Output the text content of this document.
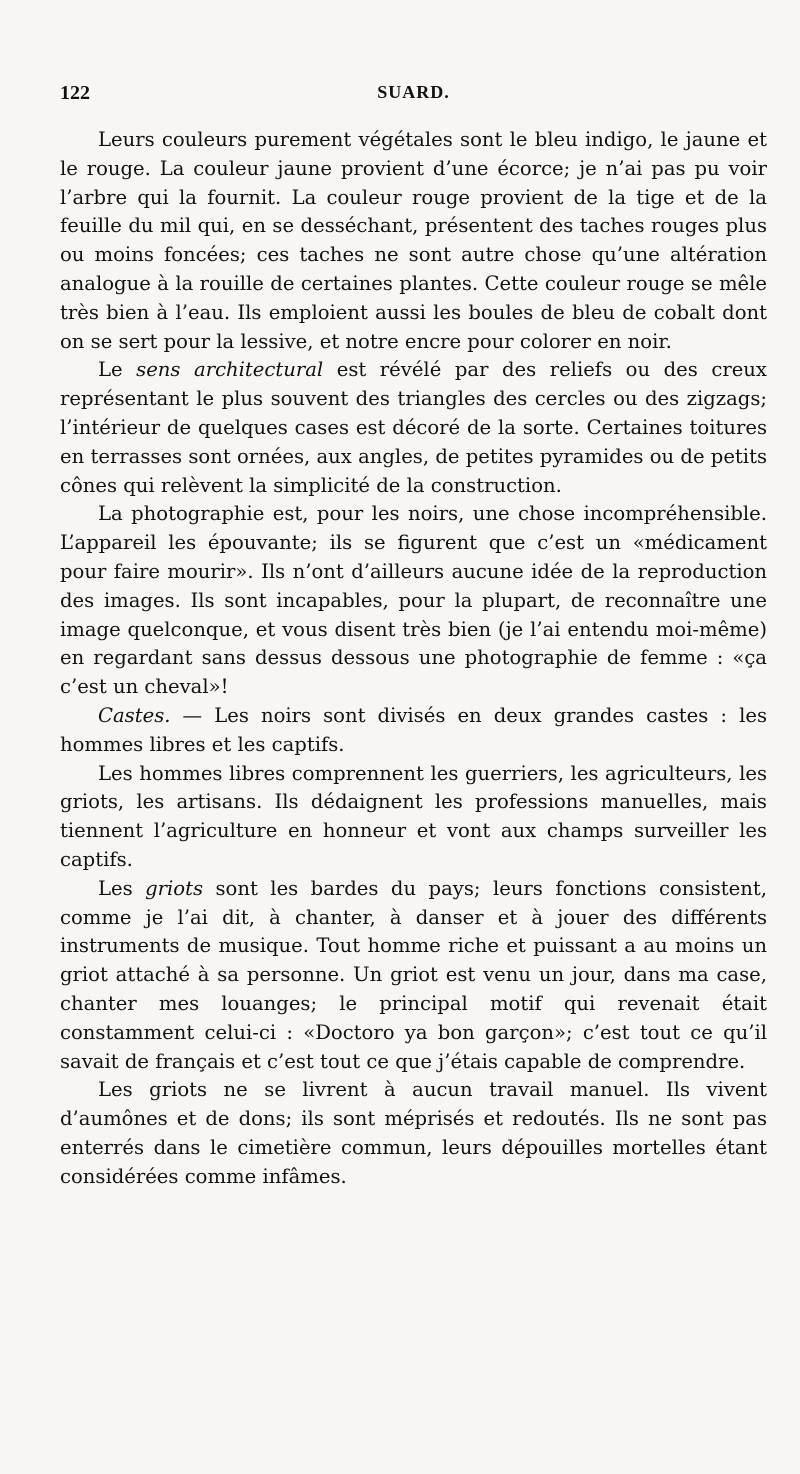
122	SUARD.

Leurs couleurs purement végétales sont le bleu indigo, le jaune et le rouge. La couleur jaune provient d’une écorce; je n’ai pas pu voir l’arbre qui la fournit. La couleur rouge provient de la tige et de la feuille du mil qui, en se desséchant, présentent des taches rouges plus ou moins foncées; ces taches ne sont autre chose qu’une altération analogue à la rouille de certaines plantes. Cette couleur rouge se mêle très bien à l’eau. Ils emploient aussi les boules de bleu de cobalt dont on se sert pour la lessive, et notre encre pour colorer en noir.

Le sens architectural est révélé par des reliefs ou des creux représentant le plus souvent des triangles des cercles ou des zigzags; l’intérieur de quelques cases est décoré de la sorte. Certaines toitures en terrasses sont ornées, aux angles, de petites pyramides ou de petits cônes qui relèvent la simplicité de la construction.

La photographie est, pour les noirs, une chose incompréhensible. L’appareil les épouvante; ils se figurent que c’est un «médicament pour faire mourir». Ils n’ont d’ailleurs aucune idée de la reproduction des images. Ils sont incapables, pour la plupart, de reconnaître une image quelconque, et vous disent très bien (je l’ai entendu moi-même) en regardant sans dessus dessous une photographie de femme : «ça c’est un cheval»!

Castes. — Les noirs sont divisés en deux grandes castes : les hommes libres et les captifs.

Les hommes libres comprennent les guerriers, les agriculteurs, les griots, les artisans. Ils dédaignent les professions manuelles, mais tiennent l’agriculture en honneur et vont aux champs surveiller les captifs.

Les griots sont les bardes du pays; leurs fonctions consistent, comme je l’ai dit, à chanter, à danser et à jouer des différents instruments de musique. Tout homme riche et puissant a au moins un griot attaché à sa personne. Un griot est venu un jour, dans ma case, chanter mes louanges; le principal motif qui revenait était constamment celui-ci : «Doctoro ya bon garçon»; c’est tout ce qu’il savait de français et c’est tout ce que j’étais capable de comprendre.

Les griots ne se livrent à aucun travail manuel. Ils vivent d’aumônes et de dons; ils sont méprisés et redoutés. Ils ne sont pas enterrés dans le cimetière commun, leurs dépouilles mortelles étant considérées comme infâmes.
